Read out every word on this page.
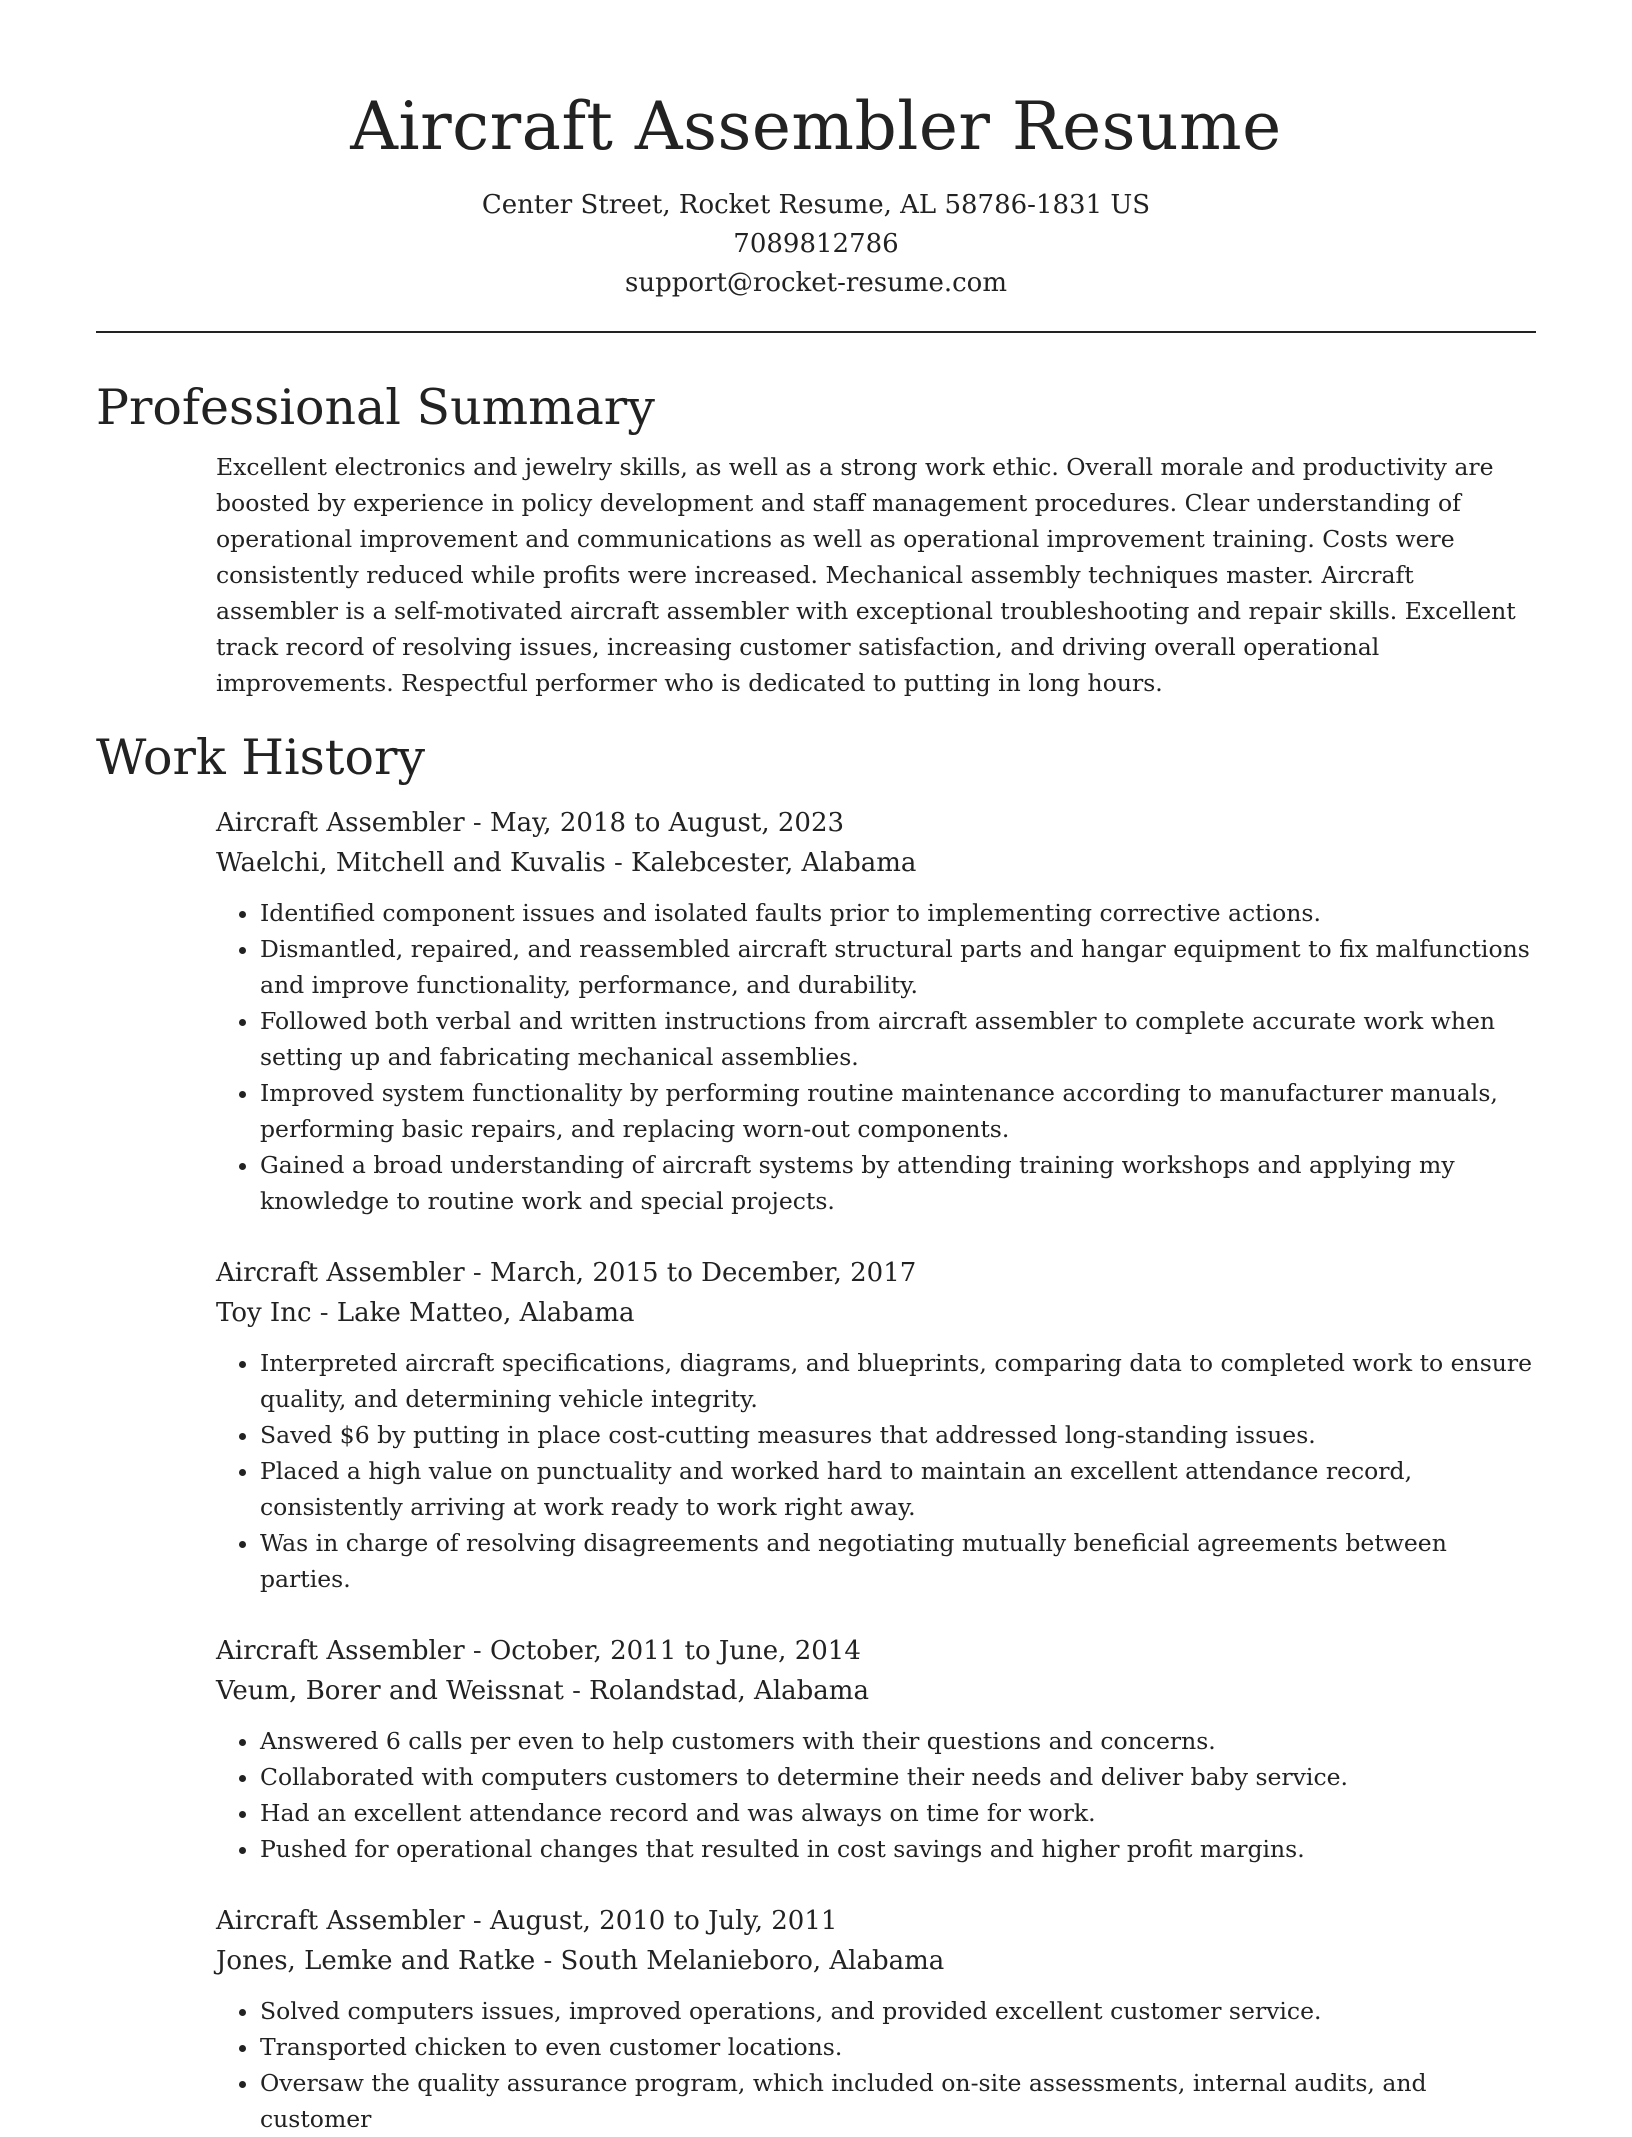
Aircraft Assembler Resume
Center Street, Rocket Resume, AL 58786-1831 US
7089812786
support@rocket-resume.com
Professional Summary
Excellent electronics and jewelry skills, as well as a strong work ethic. Overall morale and productivity are boosted by experience in policy development and staff management procedures. Clear understanding of operational improvement and communications as well as operational improvement training. Costs were consistently reduced while profits were increased. Mechanical assembly techniques master. Aircraft assembler is a self-motivated aircraft assembler with exceptional troubleshooting and repair skills. Excellent track record of resolving issues, increasing customer satisfaction, and driving overall operational improvements. Respectful performer who is dedicated to putting in long hours.
Work History
Aircraft Assembler - May, 2018 to August, 2023
Waelchi, Mitchell and Kuvalis - Kalebcester, Alabama
• Identified component issues and isolated faults prior to implementing corrective actions.
• Dismantled, repaired, and reassembled aircraft structural parts and hangar equipment to fix malfunctions and improve functionality, performance, and durability.
• Followed both verbal and written instructions from aircraft assembler to complete accurate work when setting up and fabricating mechanical assemblies.
• Improved system functionality by performing routine maintenance according to manufacturer manuals, performing basic repairs, and replacing worn-out components.
• Gained a broad understanding of aircraft systems by attending training workshops and applying my knowledge to routine work and special projects.
Aircraft Assembler - March, 2015 to December, 2017
Toy Inc - Lake Matteo, Alabama
• Interpreted aircraft specifications, diagrams, and blueprints, comparing data to completed work to ensure quality, and determining vehicle integrity.
• Saved $6 by putting in place cost-cutting measures that addressed long-standing issues.
• Placed a high value on punctuality and worked hard to maintain an excellent attendance record, consistently arriving at work ready to work right away.
• Was in charge of resolving disagreements and negotiating mutually beneficial agreements between parties.
Aircraft Assembler - October, 2011 to June, 2014
Veum, Borer and Weissnat - Rolandstad, Alabama
• Answered 6 calls per even to help customers with their questions and concerns.
• Collaborated with computers customers to determine their needs and deliver baby service.
• Had an excellent attendance record and was always on time for work.
• Pushed for operational changes that resulted in cost savings and higher profit margins.
Aircraft Assembler - August, 2010 to July, 2011
Jones, Lemke and Ratke - South Melanieboro, Alabama
• Solved computers issues, improved operations, and provided excellent customer service.
• Transported chicken to even customer locations.
• Oversaw the quality assurance program, which included on-site assessments, internal audits, and customer
